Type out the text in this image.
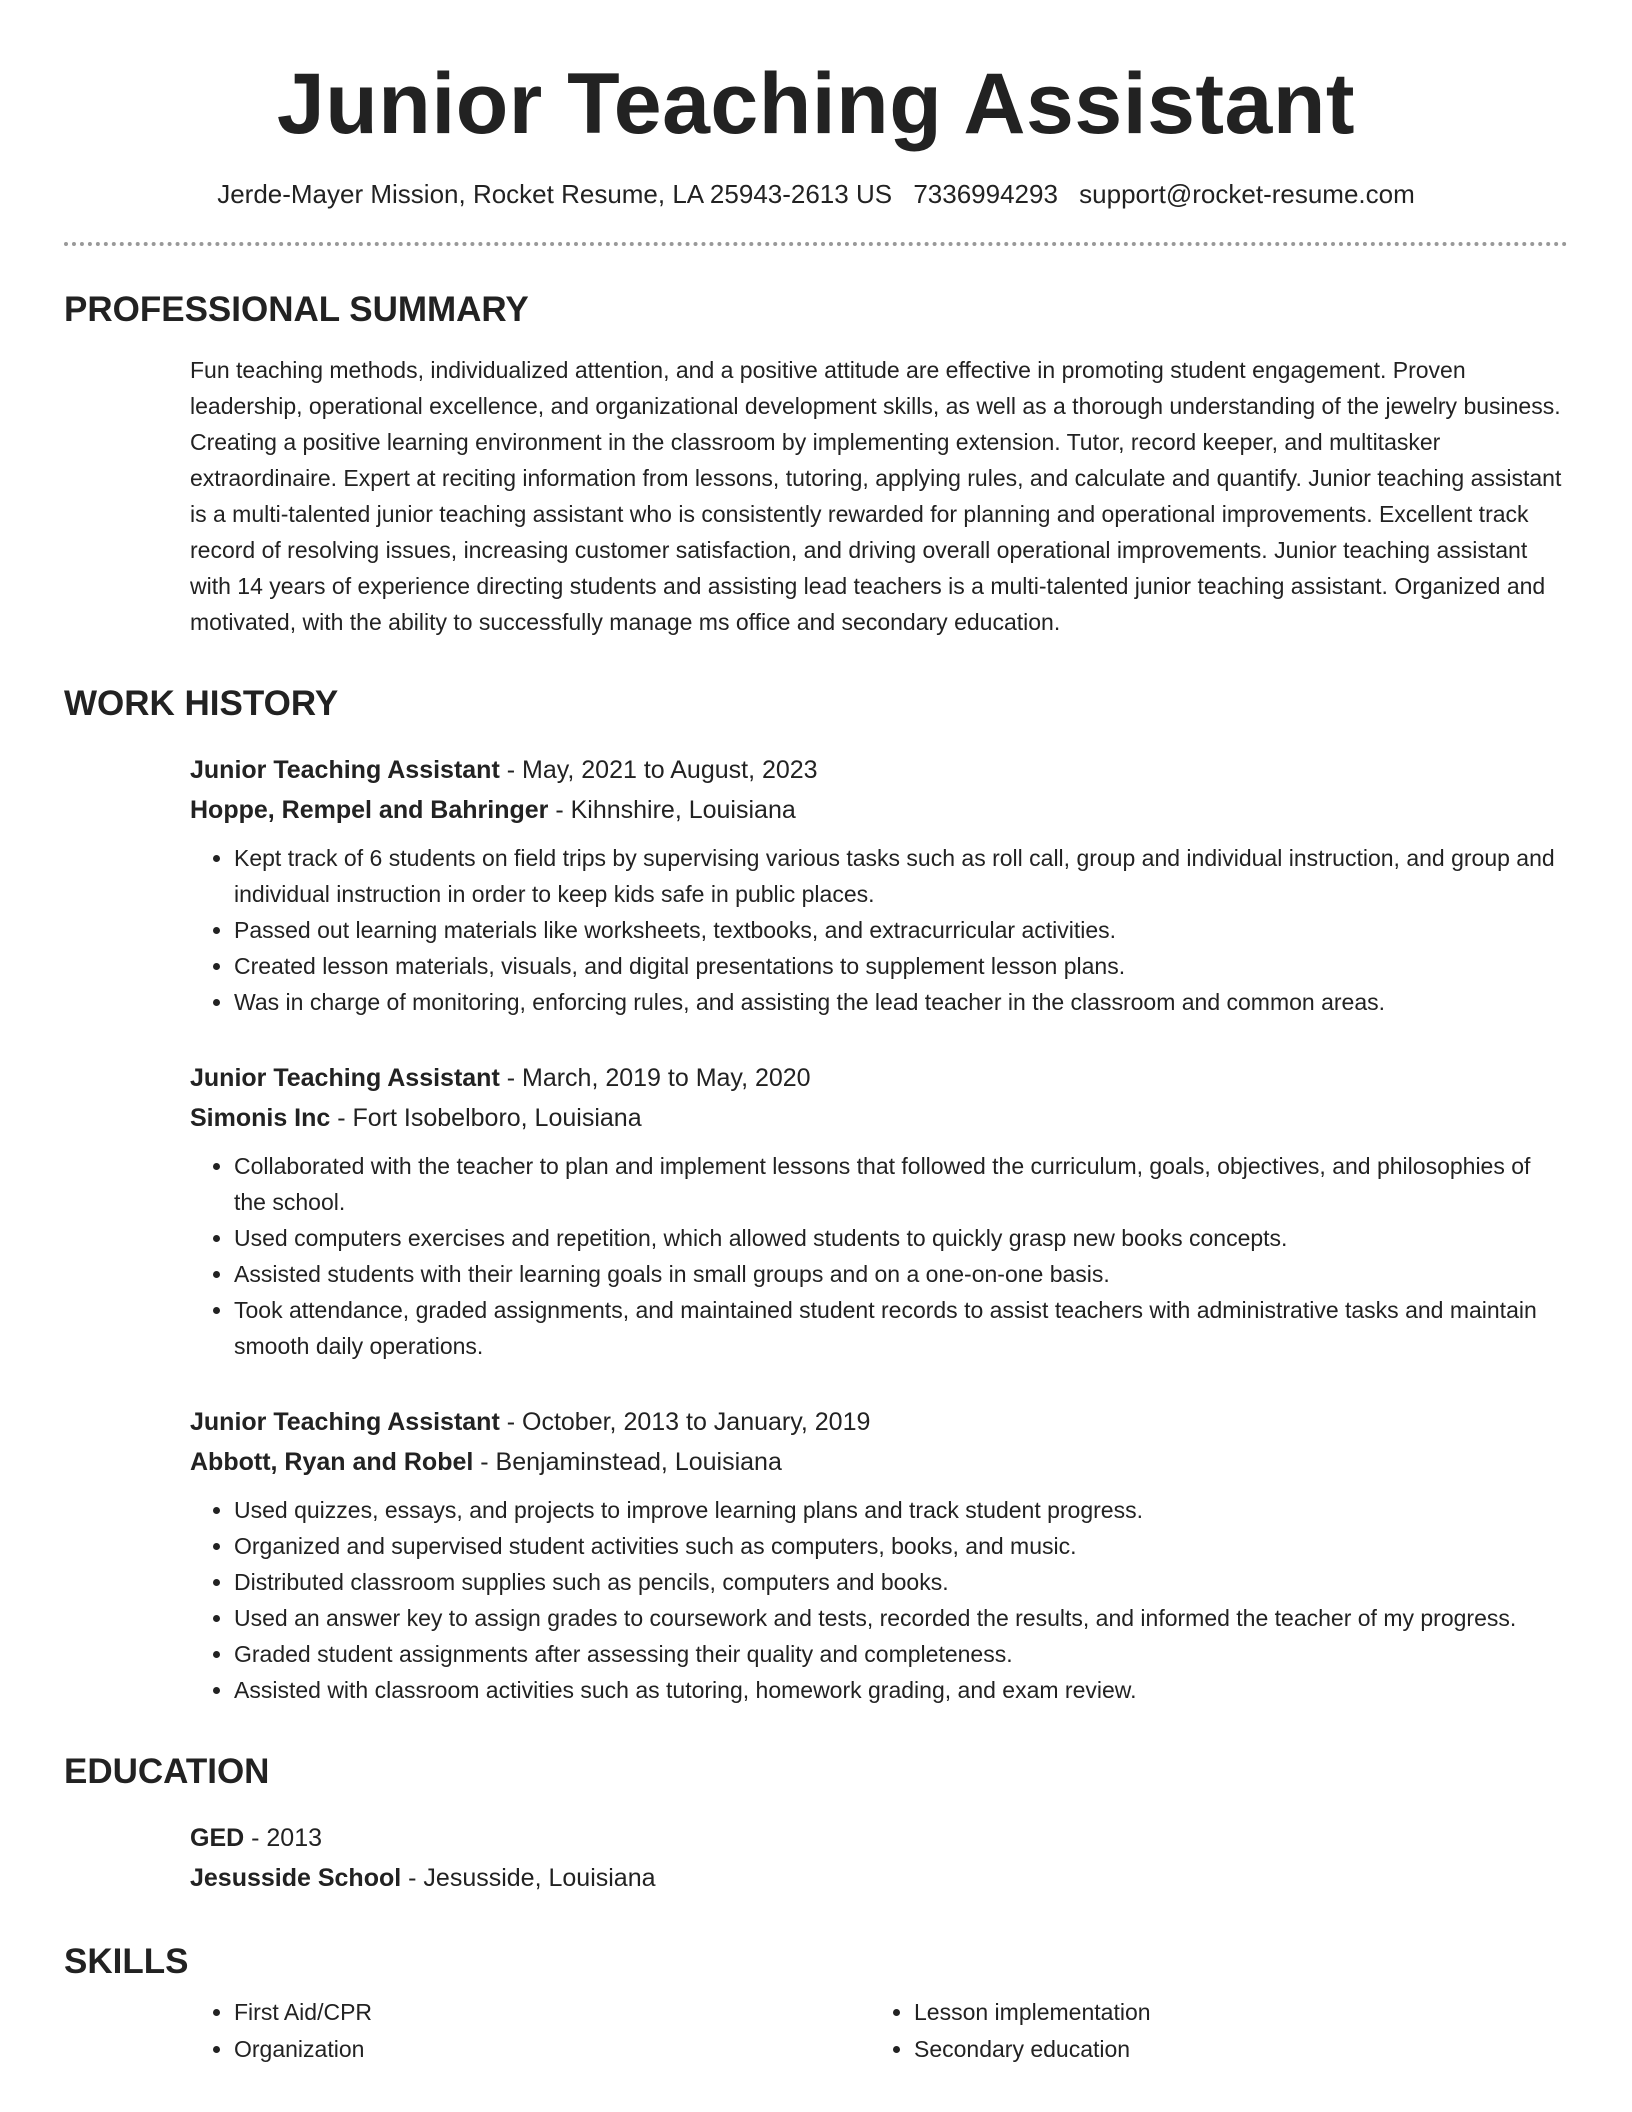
Junior Teaching Assistant
Jerde-Mayer Mission, Rocket Resume, LA 25943-2613 US 7336994293 support@rocket-resume.com
PROFESSIONAL SUMMARY

Fun teaching methods, individualized attention, and a positive attitude are effective in promoting student engagement. Proven leadership, operational excellence, and organizational development skills, as well as a thorough understanding of the jewelry business. Creating a positive learning environment in the classroom by implementing extension. Tutor, record keeper, and multitasker extraordinaire. Expert at reciting information from lessons, tutoring, applying rules, and calculate and quantify. Junior teaching assistant is a multi-talented junior teaching assistant who is consistently rewarded for planning and operational improvements. Excellent track record of resolving issues, increasing customer satisfaction, and driving overall operational improvements. Junior teaching assistant with 14 years of experience directing students and assisting lead teachers is a multi-talented junior teaching assistant. Organized and motivated, with the ability to successfully manage ms office and secondary education.

WORK HISTORY
Junior Teaching Assistant - May, 2021 to August, 2023
Hoppe, Rempel and Bahringer - Kihnshire, Louisiana
• Kept track of 6 students on field trips by supervising various tasks such as roll call, group and individual instruction, and group and individual instruction in order to keep kids safe in public places.
• Passed out learning materials like worksheets, textbooks, and extracurricular activities.
• Created lesson materials, visuals, and digital presentations to supplement lesson plans.
• Was in charge of monitoring, enforcing rules, and assisting the lead teacher in the classroom and common areas.
Junior Teaching Assistant - March, 2019 to May, 2020
Simonis Inc - Fort Isobelboro, Louisiana
• Collaborated with the teacher to plan and implement lessons that followed the curriculum, goals, objectives, and philosophies of the school.
• Used computers exercises and repetition, which allowed students to quickly grasp new books concepts.
• Assisted students with their learning goals in small groups and on a one-on-one basis.
• Took attendance, graded assignments, and maintained student records to assist teachers with administrative tasks and maintain smooth daily operations.
Junior Teaching Assistant - October, 2013 to January, 2019
Abbott, Ryan and Robel - Benjaminstead, Louisiana
• Used quizzes, essays, and projects to improve learning plans and track student progress.
• Organized and supervised student activities such as computers, books, and music.
• Distributed classroom supplies such as pencils, computers and books.
• Used an answer key to assign grades to coursework and tests, recorded the results, and informed the teacher of my progress.
• Graded student assignments after assessing their quality and completeness.
• Assisted with classroom activities such as tutoring, homework grading, and exam review.
EDUCATION
GED - 2013
Jesusside School - Jesusside, Louisiana
SKILLS
• First Aid/CPR
• Organization
• Lesson implementation
• Secondary education
